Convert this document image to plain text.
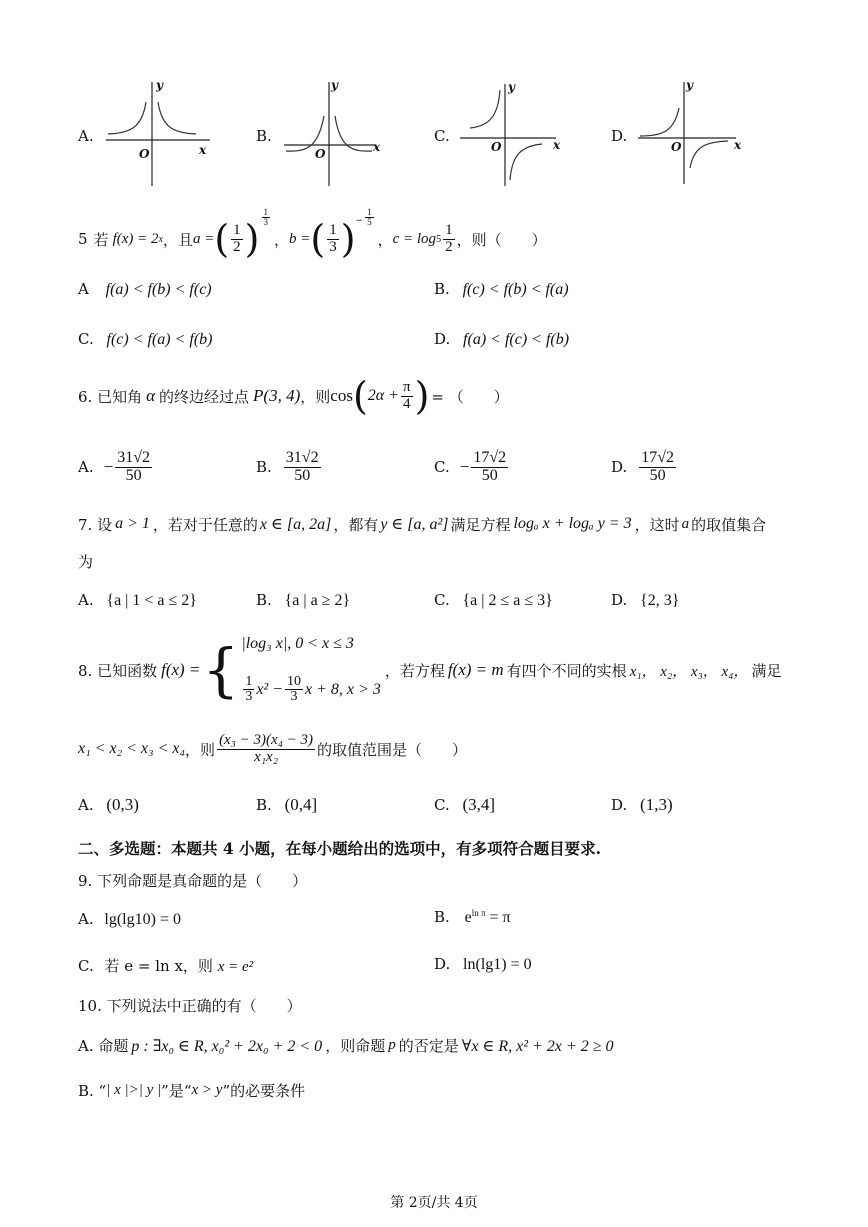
A.
y
x
O
B.
y
x
O
C.
y
x
O
D.
y
x
O
5 若 f(x) = 2 x ，且 a = ( $\frac{1}{2}$ ) $\frac{1}{3}$
， b = ( $\frac{1}{3}$ ) − $\frac{1}{5}$
， $c = \log 5 \frac{1}{2}$ ，则（　　）
A f(a) < f(b) < f(c)	B. f(c) < f(b) < f(a)
C. f(c) < f(a) < f(b)	D. f(a) < f(c) < f(b)
6. 已知角 α 的终边经过点 P(3, 4) ，则 cos ( $2\alpha + \frac{\pi}{4}$ ) = （　　）
A. − $\frac{31√2}{50}$	B. $\frac{31√2}{50}$	C. − $\frac{17√2}{50}$	D. $\frac{17√2}{50}$
7. 设 a > 1 ，若对于任意的 x ∈ [a, 2a] ，都有 y ∈ [a, a²] 满足方程 logₐ x + logₐ y = 3 ，这时 a 的取值集合
为
A. {a | 1 < a ≤ 2}	B. {a | a ≥ 2}	C. {a | 2 ≤ a ≤ 3}	D. {2, 3}
8. 已知函数 f(x) = { |log₃ x|, 0 < x ≤ 3
$\frac{1}{3} x^2 - \frac{10}{3}$ x + 8, x > 3
，若方程 f(x) = m 有四个不同的实根 x₁， x₂， x₃， x₄， 满足
x₁ < x₂ < x₃ < x₄ ，则 $\frac{\text{(x₃ − 3)(x₄ − 3)}}{\text{x₁x₂}}$ 的取值范围是（　　）
A. (0,3)	B. (0,4]	C. (3,4]	D. (1,3)
二、多选题：本题共 4 小题，在每小题给出的选项中，有多项符合题目要求.
9. 下列命题是真命题的是（　　）
A. lg(lg10) = 0	B. $e^{ln \pi} = \pi$
C. 若 e = ln x，则 x = e²	D. ln(lg1) = 0
10. 下列说法中正确的有（　　）
A. 命题 p : ∃x₀ ∈ R, x₀² + 2x₀ + 2 < 0 ，则命题 p 的否定是 ∀x ∈ R, x² + 2x + 2 ≥ 0
B. “ | x |>| y | ”是“ x > y ”的必要条件
第 2页/共 4页
